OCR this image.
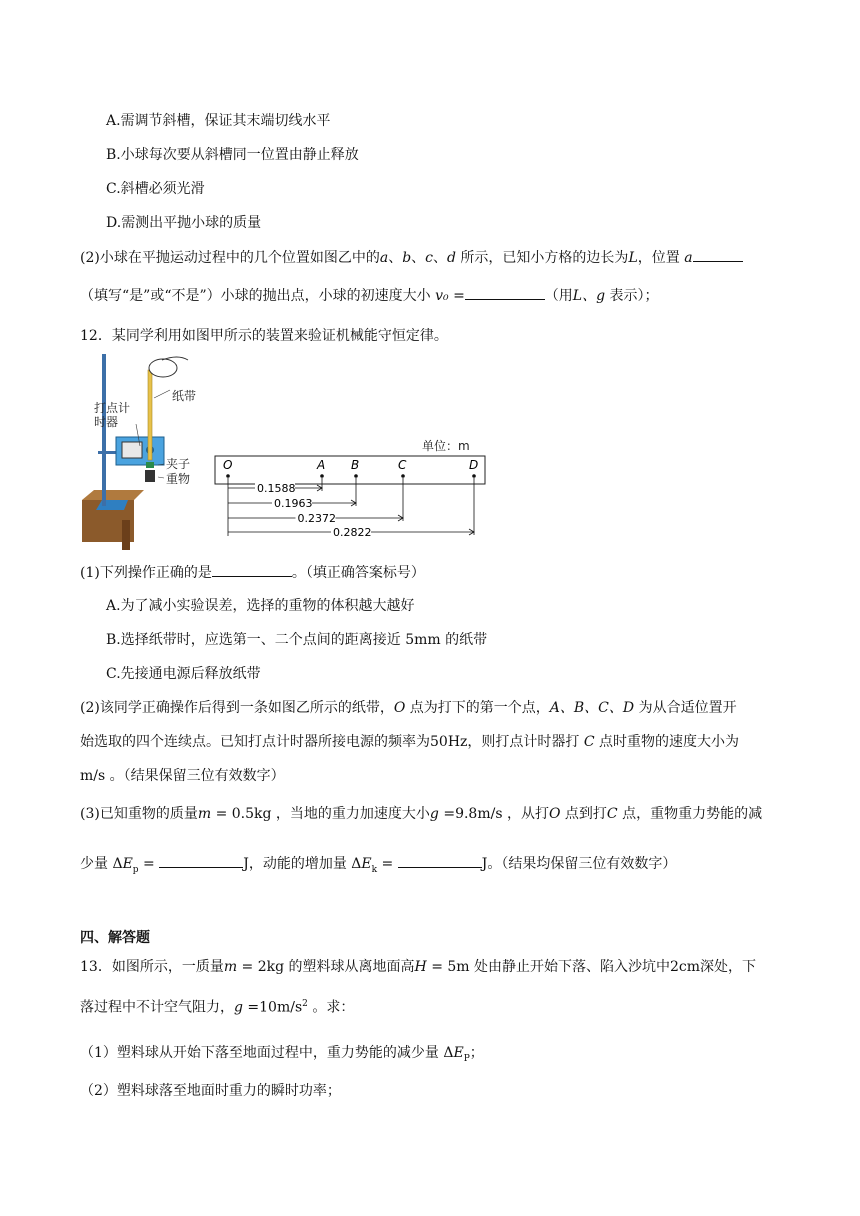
A.需调节斜槽，保证其末端切线水平
B.小球每次要从斜槽同一位置由静止释放
C.斜槽必须光滑
D.需测出平抛小球的质量
(2)小球在平抛运动过程中的几个位置如图乙中的a、b、c、d 所示，已知小方格的边长为L，位置 a
（填写“是”或“不是”）小球的抛出点，小球的初速度大小 v₀ =	（用L、g 表示）；
12．某同学利用如图甲所示的装置来验证机械能守恒定律。
打点计
时器
纸带
夹子
重物
单位：m
O	A B	C	D
0.1588
0.1963
0.2372
0.2822
(1)下列操作正确的是	。（填正确答案标号）
A.为了减小实验误差，选择的重物的体积越大越好
B.选择纸带时，应选第一、二个点间的距离接近 5mm 的纸带
C.先接通电源后释放纸带
(2)该同学正确操作后得到一条如图乙所示的纸带，O 点为打下的第一个点，A、B、C、D 为从合适位置开
始选取的四个连续点。已知打点计时器所接电源的频率为50Hz，则打点计时器打 C 点时重物的速度大小为
m/s 。（结果保留三位有效数字）
(3)已知重物的质量m = 0.5kg ，当地的重力加速度大小g =9.8m/s ，从打O 点到打C 点，重物重力势能的减
少量 $\Delta E_p$ =	J，动能的增加量 $\Delta E_k$ =	J。（结果均保留三位有效数字）
四、解答题
13．如图所示，一质量m = 2kg 的塑料球从离地面高H = 5m 处由静止开始下落、陷入沙坑中2cm深处，下
落过程中不计空气阻力，$g =10m/s^2$ 。求：
（1）塑料球从开始下落至地面过程中，重力势能的减少量 $\Delta E_P$；
（2）塑料球落至地面时重力的瞬时功率；
